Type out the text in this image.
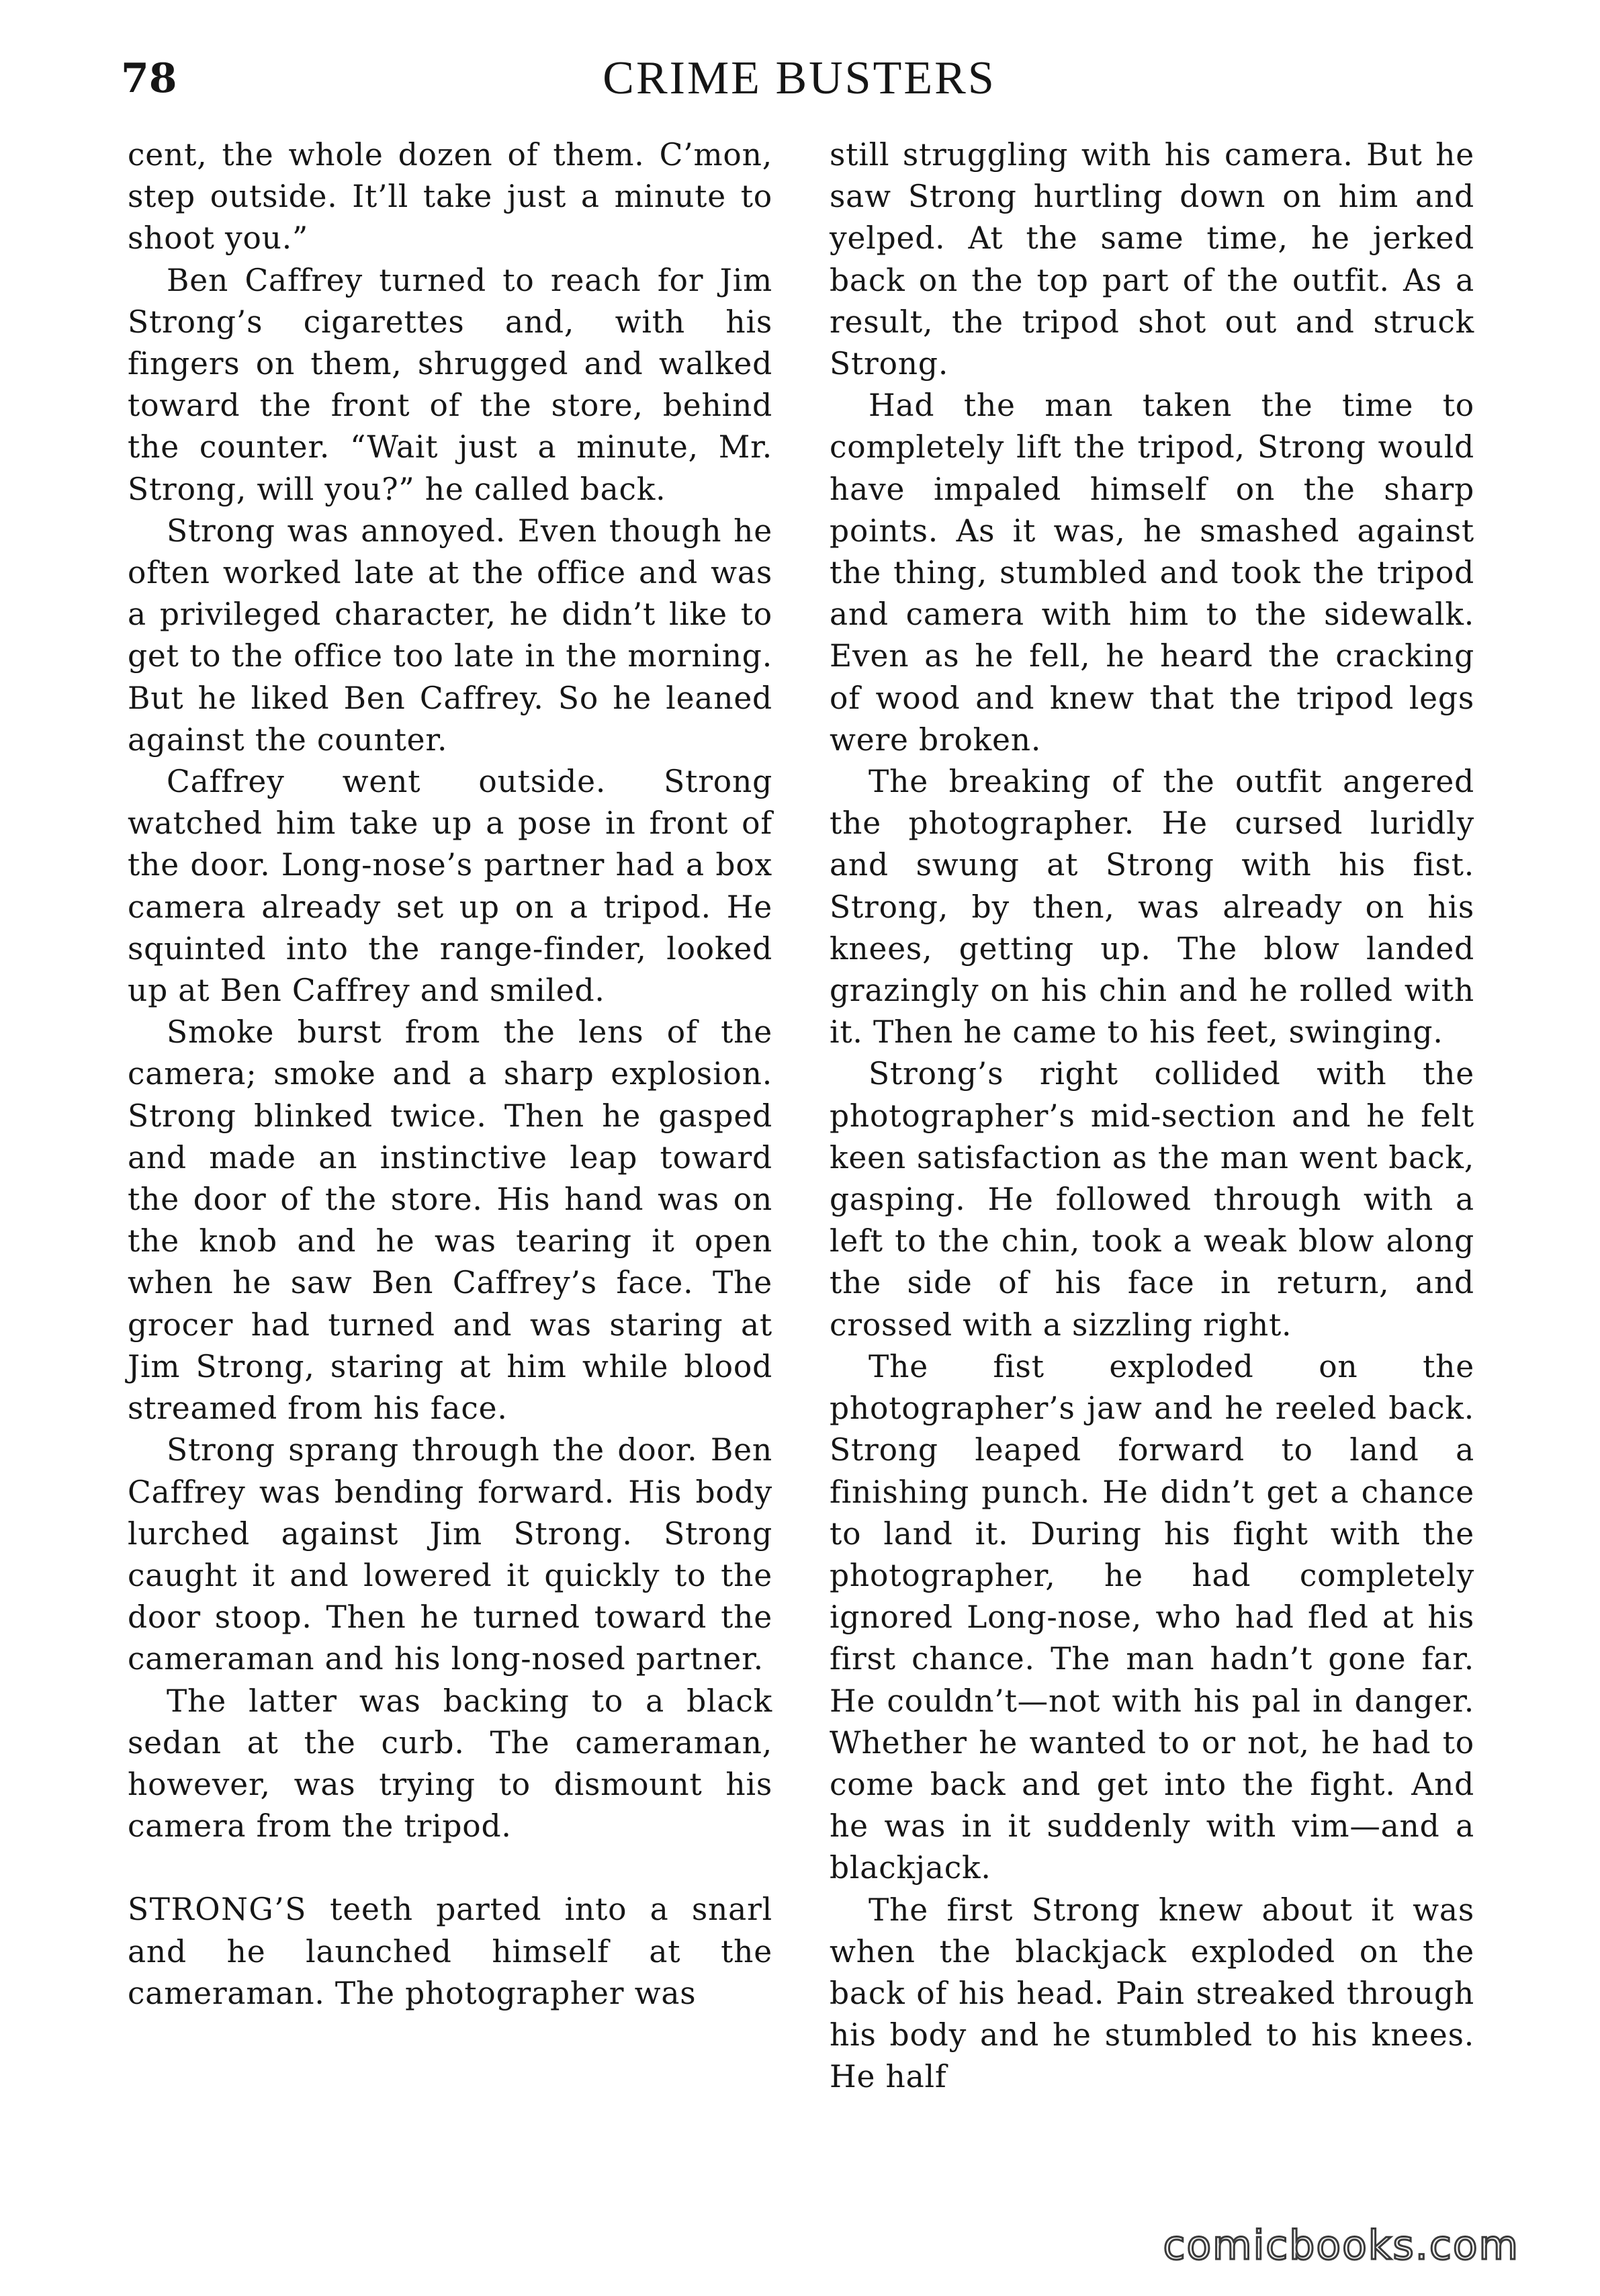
78	CRIME BUSTERS

cent, the whole dozen of them. C’mon, step outside. It’ll take just a minute to shoot you.”

Ben Caffrey turned to reach for Jim Strong’s cigarettes and, with his fingers on them, shrugged and walked toward the front of the store, behind the counter. “Wait just a minute, Mr. Strong, will you?” he called back.

Strong was annoyed. Even though he often worked late at the office and was a privileged character, he didn’t like to get to the office too late in the morning. But he liked Ben Caffrey. So he leaned against the counter.

Caffrey went outside. Strong watched him take up a pose in front of the door. Long-nose’s partner had a box camera already set up on a tripod. He squinted into the range-finder, looked up at Ben Caffrey and smiled.

Smoke burst from the lens of the camera; smoke and a sharp explosion. Strong blinked twice. Then he gasped and made an instinctive leap toward the door of the store. His hand was on the knob and he was tearing it open when he saw Ben Caffrey’s face. The grocer had turned and was staring at Jim Strong, staring at him while blood streamed from his face.

Strong sprang through the door. Ben Caffrey was bending forward. His body lurched against Jim Strong. Strong caught it and lowered it quickly to the door stoop. Then he turned toward the cameraman and his long-nosed partner.

The latter was backing to a black sedan at the curb. The cameraman, however, was trying to dismount his camera from the tripod.

STRONG’S teeth parted into a snarl and he launched himself at the cameraman. The photographer was

still struggling with his camera. But he saw Strong hurtling down on him and yelped. At the same time, he jerked back on the top part of the outfit. As a result, the tripod shot out and struck Strong.

Had the man taken the time to completely lift the tripod, Strong would have impaled himself on the sharp points. As it was, he smashed against the thing, stumbled and took the tripod and camera with him to the sidewalk. Even as he fell, he heard the cracking of wood and knew that the tripod legs were broken.

The breaking of the outfit angered the photographer. He cursed luridly and swung at Strong with his fist. Strong, by then, was already on his knees, getting up. The blow landed grazingly on his chin and he rolled with it. Then he came to his feet, swinging.

Strong’s right collided with the photographer’s mid-section and he felt keen satisfaction as the man went back, gasping. He followed through with a left to the chin, took a weak blow along the side of his face in return, and crossed with a sizzling right.

The fist exploded on the photographer’s jaw and he reeled back. Strong leaped forward to land a finishing punch. He didn’t get a chance to land it. During his fight with the photographer, he had completely ignored Long-nose, who had fled at his first chance. The man hadn’t gone far. He couldn’t—not with his pal in danger. Whether he wanted to or not, he had to come back and get into the fight. And he was in it suddenly with vim—and a blackjack.

The first Strong knew about it was when the blackjack exploded on the back of his head. Pain streaked through his body and he stumbled to his knees. He half

comicbooks.com
